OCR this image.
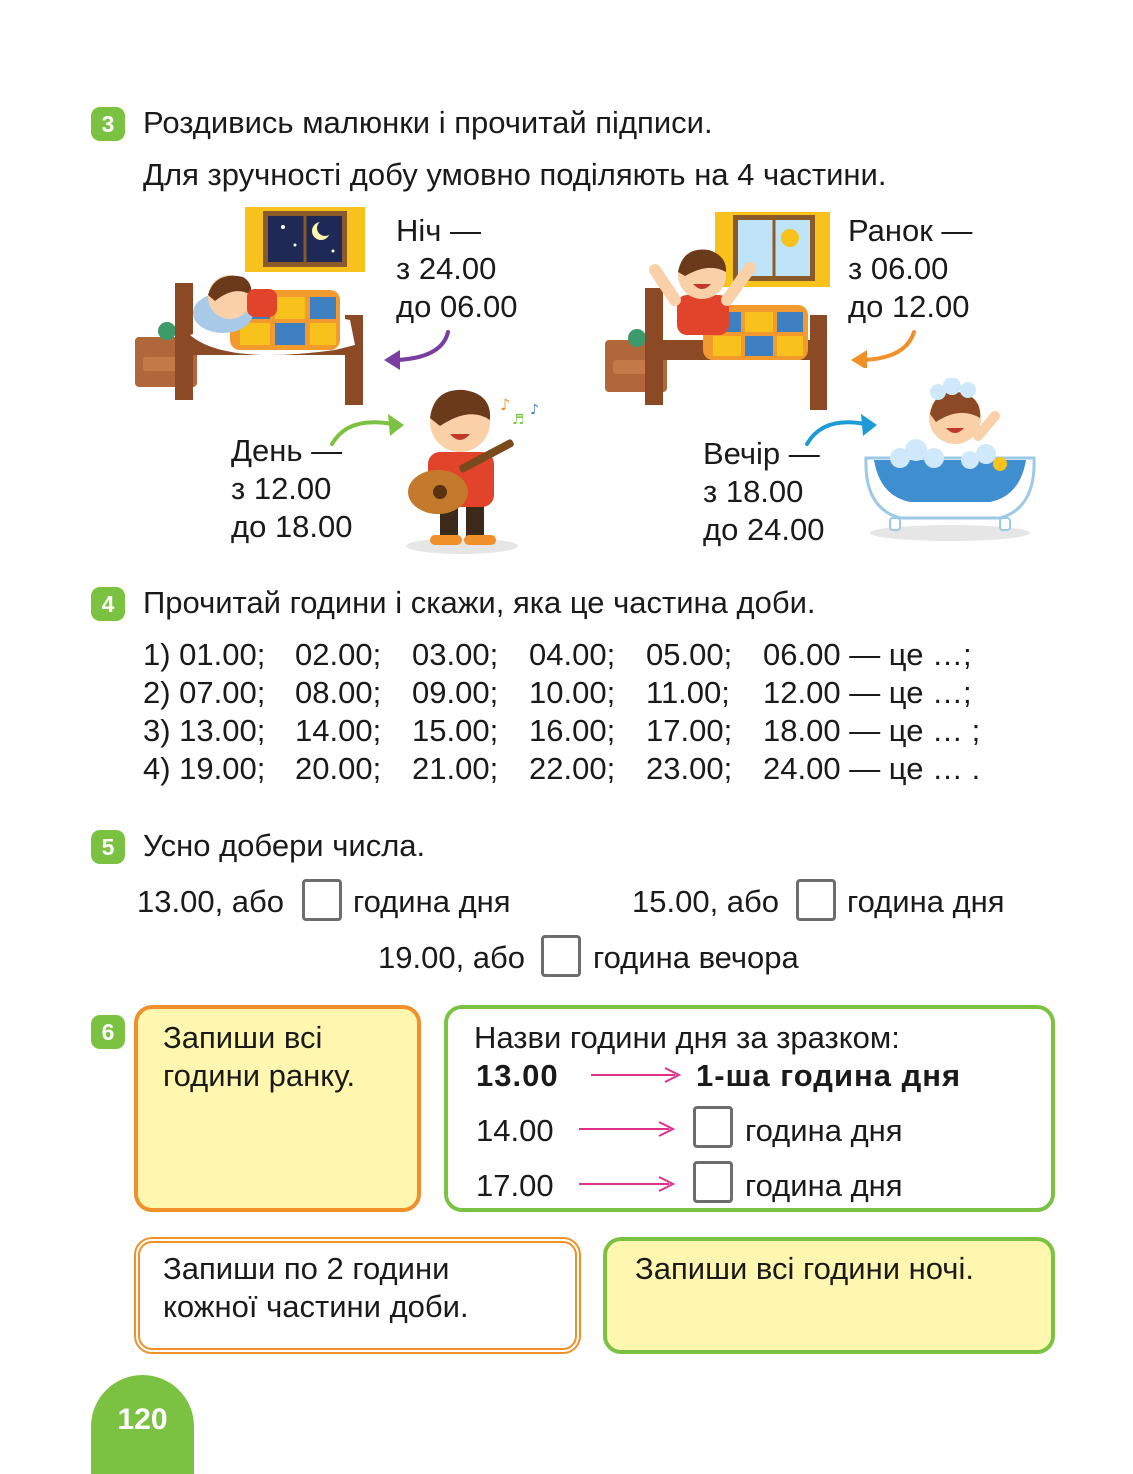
3 Роздивись малюнки і прочитай підписи.
Для зручності добу умовно поділяють на 4 частини.
Ніч —
з 24.00
до 06.00
Ранок —
з 06.00
до 12.00
День —
з 12.00
до 18.00
♪
♬
♪
Вечір —
з 18.00
до 24.00
4 Прочитай години і скажи, яка це частина доби.
1) 01.00; 02.00; 03.00; 04.00; 05.00; 06.00 — це …;
2) 07.00; 08.00; 09.00; 10.00; 11.00;	12.00 — це …;
3) 13.00; 14.00; 15.00; 16.00; 17.00; 18.00 — це … ;
4) 19.00; 20.00; 21.00; 22.00; 23.00; 24.00 — це … .
5 Усно добери числа.
13.00, або година дня	15.00, або година дня
19.00, або година вечора
6	Запиши всі
години ранку.
Назви години дня за зразком:
13.00	1-ша година дня
14.00	година дня
17.00	година дня
Запиши по 2 години
кожної частини доби.
Запиши всі години ночі.
120
